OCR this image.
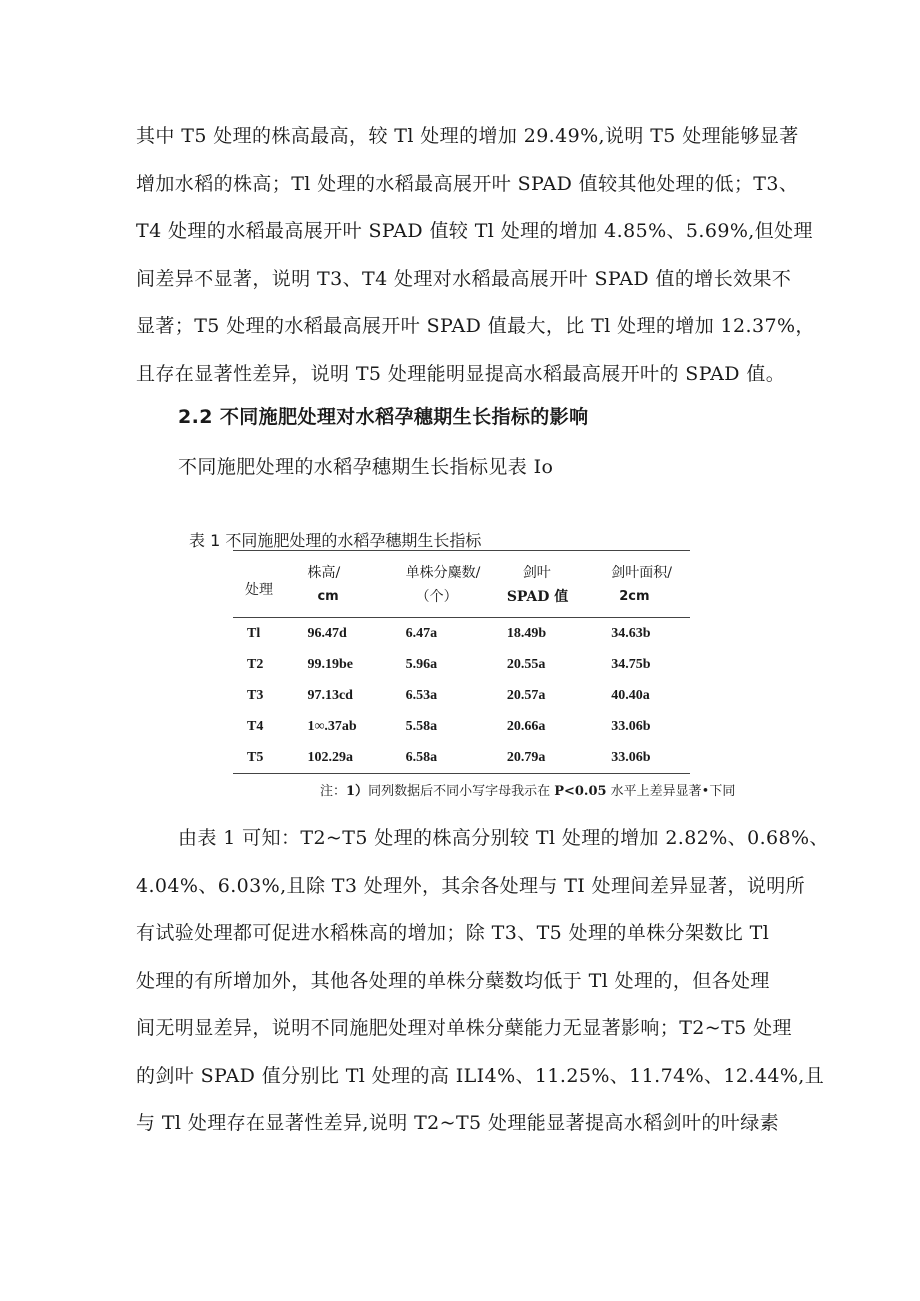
其中 T5 处理的株高最高，较 Tl 处理的增加 29.49%,说明 T5 处理能够显著
增加水稻的株高；Tl 处理的水稻最高展开叶 SPAD 值较其他处理的低；T3、
T4 处理的水稻最高展开叶 SPAD 值较 Tl 处理的增加 4.85%、5.69%,但处理
间差异不显著，说明 T3、T4 处理对水稻最高展开叶 SPAD 值的增长效果不
显著；T5 处理的水稻最高展开叶 SPAD 值最大，比 Tl 处理的增加 12.37%，
且存在显著性差异，说明 T5 处理能明显提高水稻最高展开叶的 SPAD 值。
2.2 不同施肥处理对水稻孕穗期生长指标的影响

不同施肥处理的水稻孕穗期生长指标见表 Io

表 1 不同施肥处理的水稻孕穗期生长指标

处理	株高/	单株分麋数/	剑叶	剑叶面积/

	cm	（个）	SPAD 值	2cm

Tl	96.47d	6.47a	18.49b	34.63b
T2	99.19be	5.96a	20.55a	34.75b
T3	97.13cd	6.53a	20.57a	40.40a
T4	1∞.37ab	5.58a	20.66a	33.06b
T5	102.29a	6.58a	20.79a	33.06b

注：1）同列数据后不同小写字母我示在 P<0.05 水平上差异显著•下同

由表 1 可知：T2~T5 处理的株高分别较 Tl 处理的增加 2.82%、0.68%、
4.04%、6.03%,且除 T3 处理外，其余各处理与 TI 处理间差异显著，说明所
有试验处理都可促进水稻株高的增加；除 T3、T5 处理的单株分架数比 Tl
处理的有所增加外，其他各处理的单株分蘖数均低于 Tl 处理的，但各处理
间无明显差异，说明不同施肥处理对单株分蘖能力无显著影响；T2~T5 处理
的剑叶 SPAD 值分别比 Tl 处理的高 ILI4%、11.25%、11.74%、12.44%,且
与 Tl 处理存在显著性差异,说明 T2~T5 处理能显著提高水稻剑叶的叶绿素
